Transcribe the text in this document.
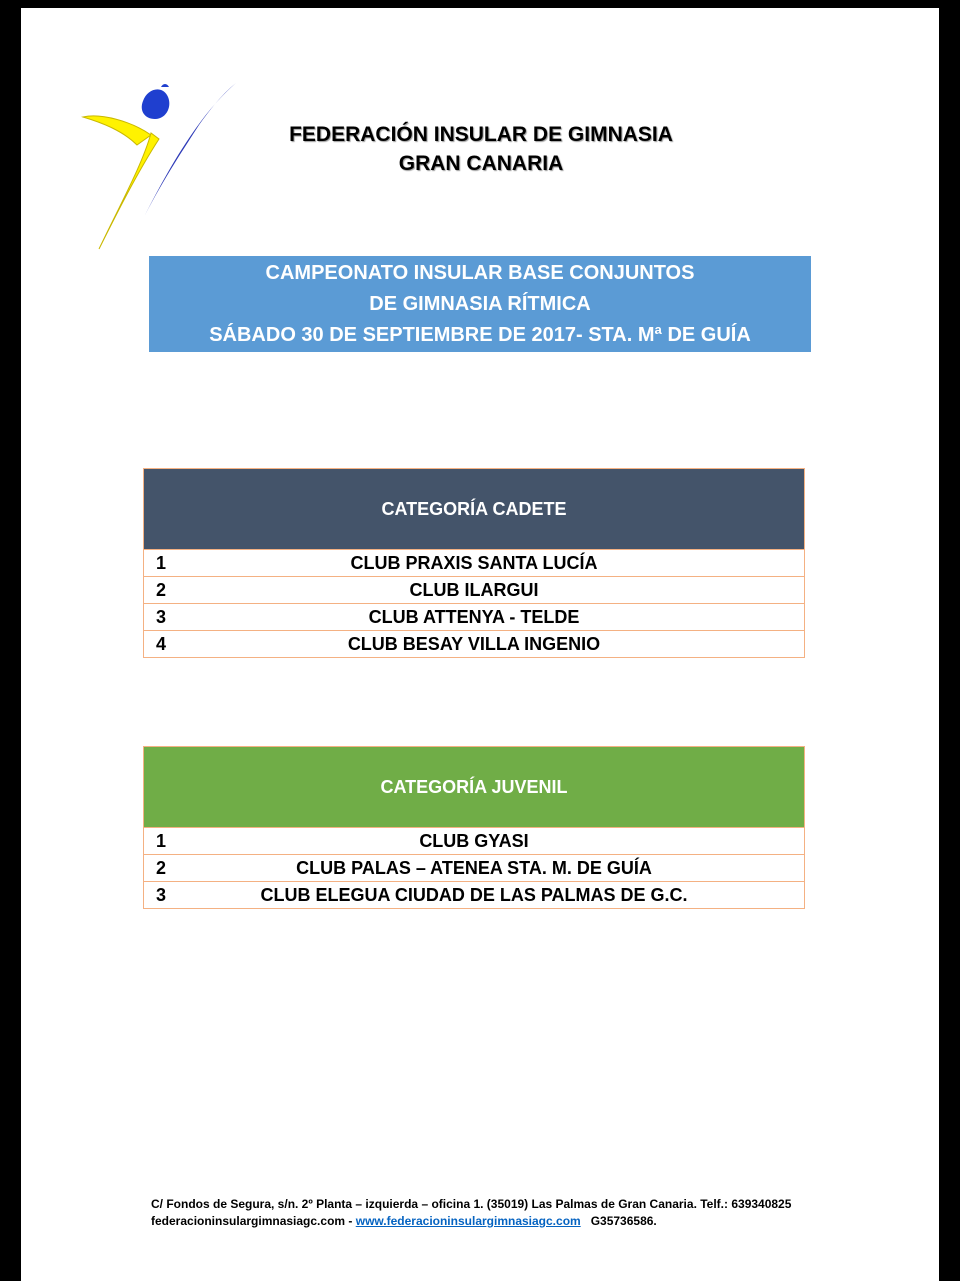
FEDERACIÓN INSULAR DE GIMNASIA
GRAN CANARIA
CAMPEONATO INSULAR BASE CONJUNTOS
DE GIMNASIA RÍTMICA
SÁBADO 30 DE SEPTIEMBRE DE 2017- STA. Mª DE GUÍA
CATEGORÍA CADETE
1	CLUB PRAXIS SANTA LUCÍA
2	CLUB ILARGUI
3	CLUB ATTENYA - TELDE
4	CLUB BESAY VILLA INGENIO
CATEGORÍA JUVENIL
1	CLUB GYASI
2	CLUB PALAS – ATENEA STA. M. DE GUÍA
3	CLUB ELEGUA CIUDAD DE LAS PALMAS DE G.C.
C/ Fondos de Segura, s/n. 2º Planta – izquierda – oficina 1. (35019) Las Palmas de Gran Canaria. Telf.: 639340825
federacioninsulargimnasiagc.com - www.federacioninsulargimnasiagc.com G35736586.
